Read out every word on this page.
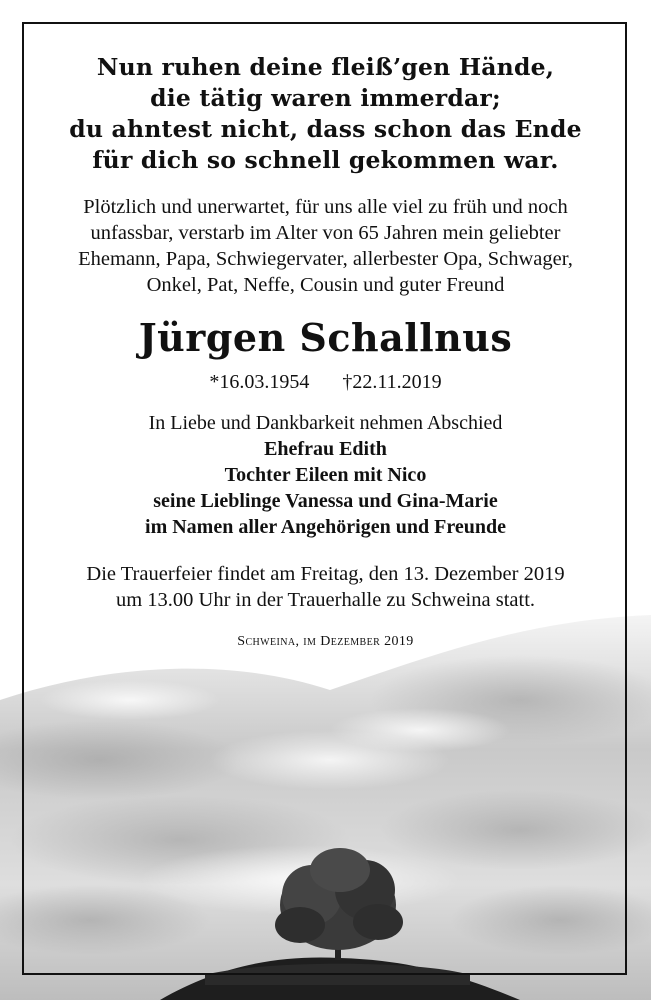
Nun ruhen deine fleiß’gen Hände,
die tätig waren immerdar;
du ahntest nicht, dass schon das Ende
für dich so schnell gekommen war.
Plötzlich und unerwartet, für uns alle viel zu früh und noch
unfassbar, verstarb im Alter von 65 Jahren mein geliebter
Ehemann, Papa, Schwiegervater, allerbester Opa, Schwager,
Onkel, Pat, Neffe, Cousin und guter Freund
Jürgen Schallnus
*16.03.1954 †22.11.2019
In Liebe und Dankbarkeit nehmen Abschied
Ehefrau Edith
Tochter Eileen mit Nico
seine Lieblinge Vanessa und Gina-Marie
im Namen aller Angehörigen und Freunde
Die Trauerfeier findet am Freitag, den 13. Dezember 2019
um 13.00 Uhr in der Trauerhalle zu Schweina statt.
Schweina, im Dezember 2019
